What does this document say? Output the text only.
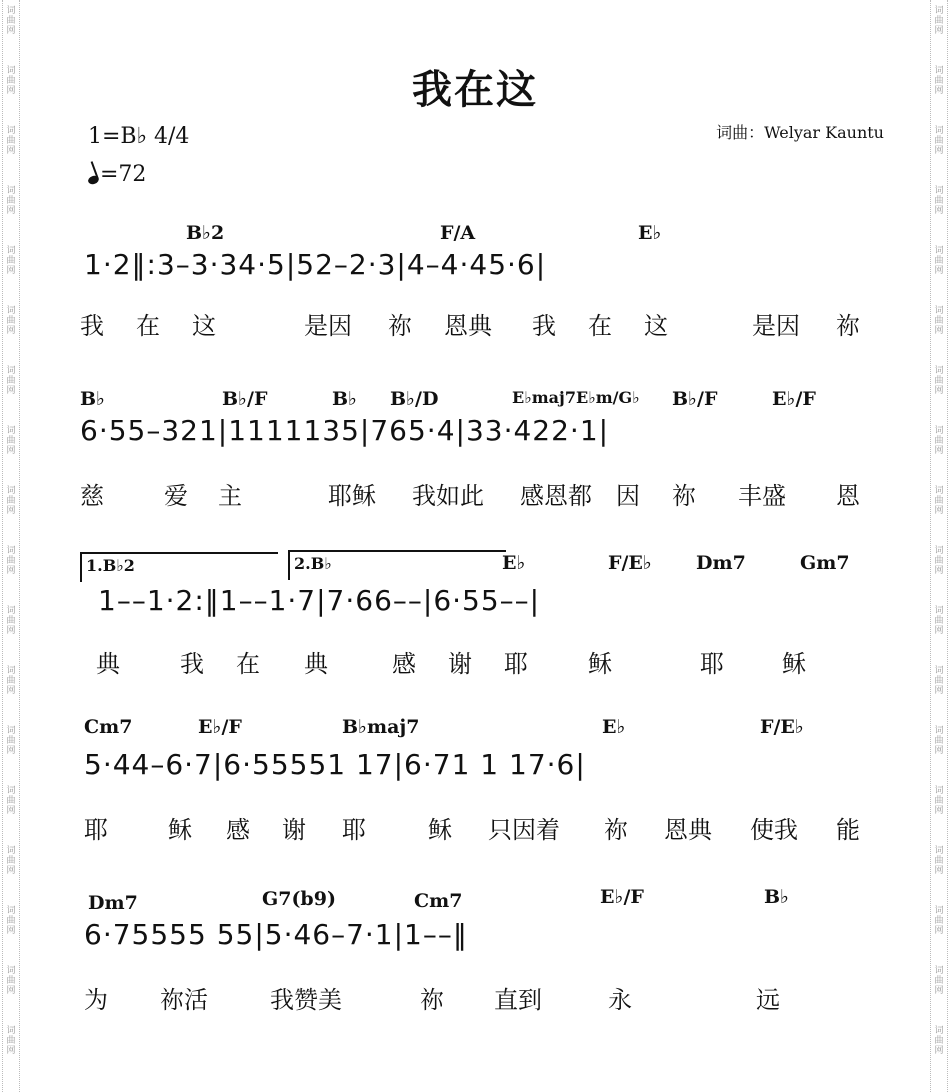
词
曲
网
词
曲
网
词
曲
网
词
曲
网
词
曲
网
词
曲
网
词
曲
网
词
曲
网
词
曲
网
词
曲
网
词
曲
网
词
曲
网
词
曲
网
词
曲
网
词
曲
网
词
曲
网
词
曲
网
词
曲
网
词
曲
网
词
曲
网
词
曲
网
词
曲
网
词
曲
网
词
曲
网
词
曲
网
词
曲
网
词
曲
网
词
曲
网
词
曲
网
词
曲
网
词
曲
网
词
曲
网
词
曲
网
词
曲
网
词
曲
网
词
曲
网
我在这
1=B♭ 4/4
=72
词曲：Welyar Kauntu
B♭2	F/A	E♭
1·2‖:3–3·34·5|52–2·3|4–4·45·6|
我 在 这	是因 祢 恩典 我 在 这	是因 祢
B♭	B♭/F	B♭ B♭/D	E♭maj7 E♭m/G♭ B♭/F	E♭/F
6·55–321|1111135|765·4|33·422·1|
慈	爱 主	耶稣 我如此 感恩都 因 祢 丰盛 恩
1.B♭2	2.B♭	E♭	F/E♭ Dm7	Gm7
1––1·2:‖1––1·7|7·66––|6·55––|
典	我 在 典	感 谢 耶	稣	耶 稣
Cm7	E♭/F	B♭maj7	E♭	F/E♭
5·44–6·7|6·55551 17|6·71 1 17·6|
耶	稣 感 谢 耶	稣 只因着 祢 恩典 使我 能
Dm7	G7(b9)	Cm7	E♭/F	B♭
6·75555 55|5·46–7·1|1––‖
为 祢活	我赞美	祢 直到	永	远
